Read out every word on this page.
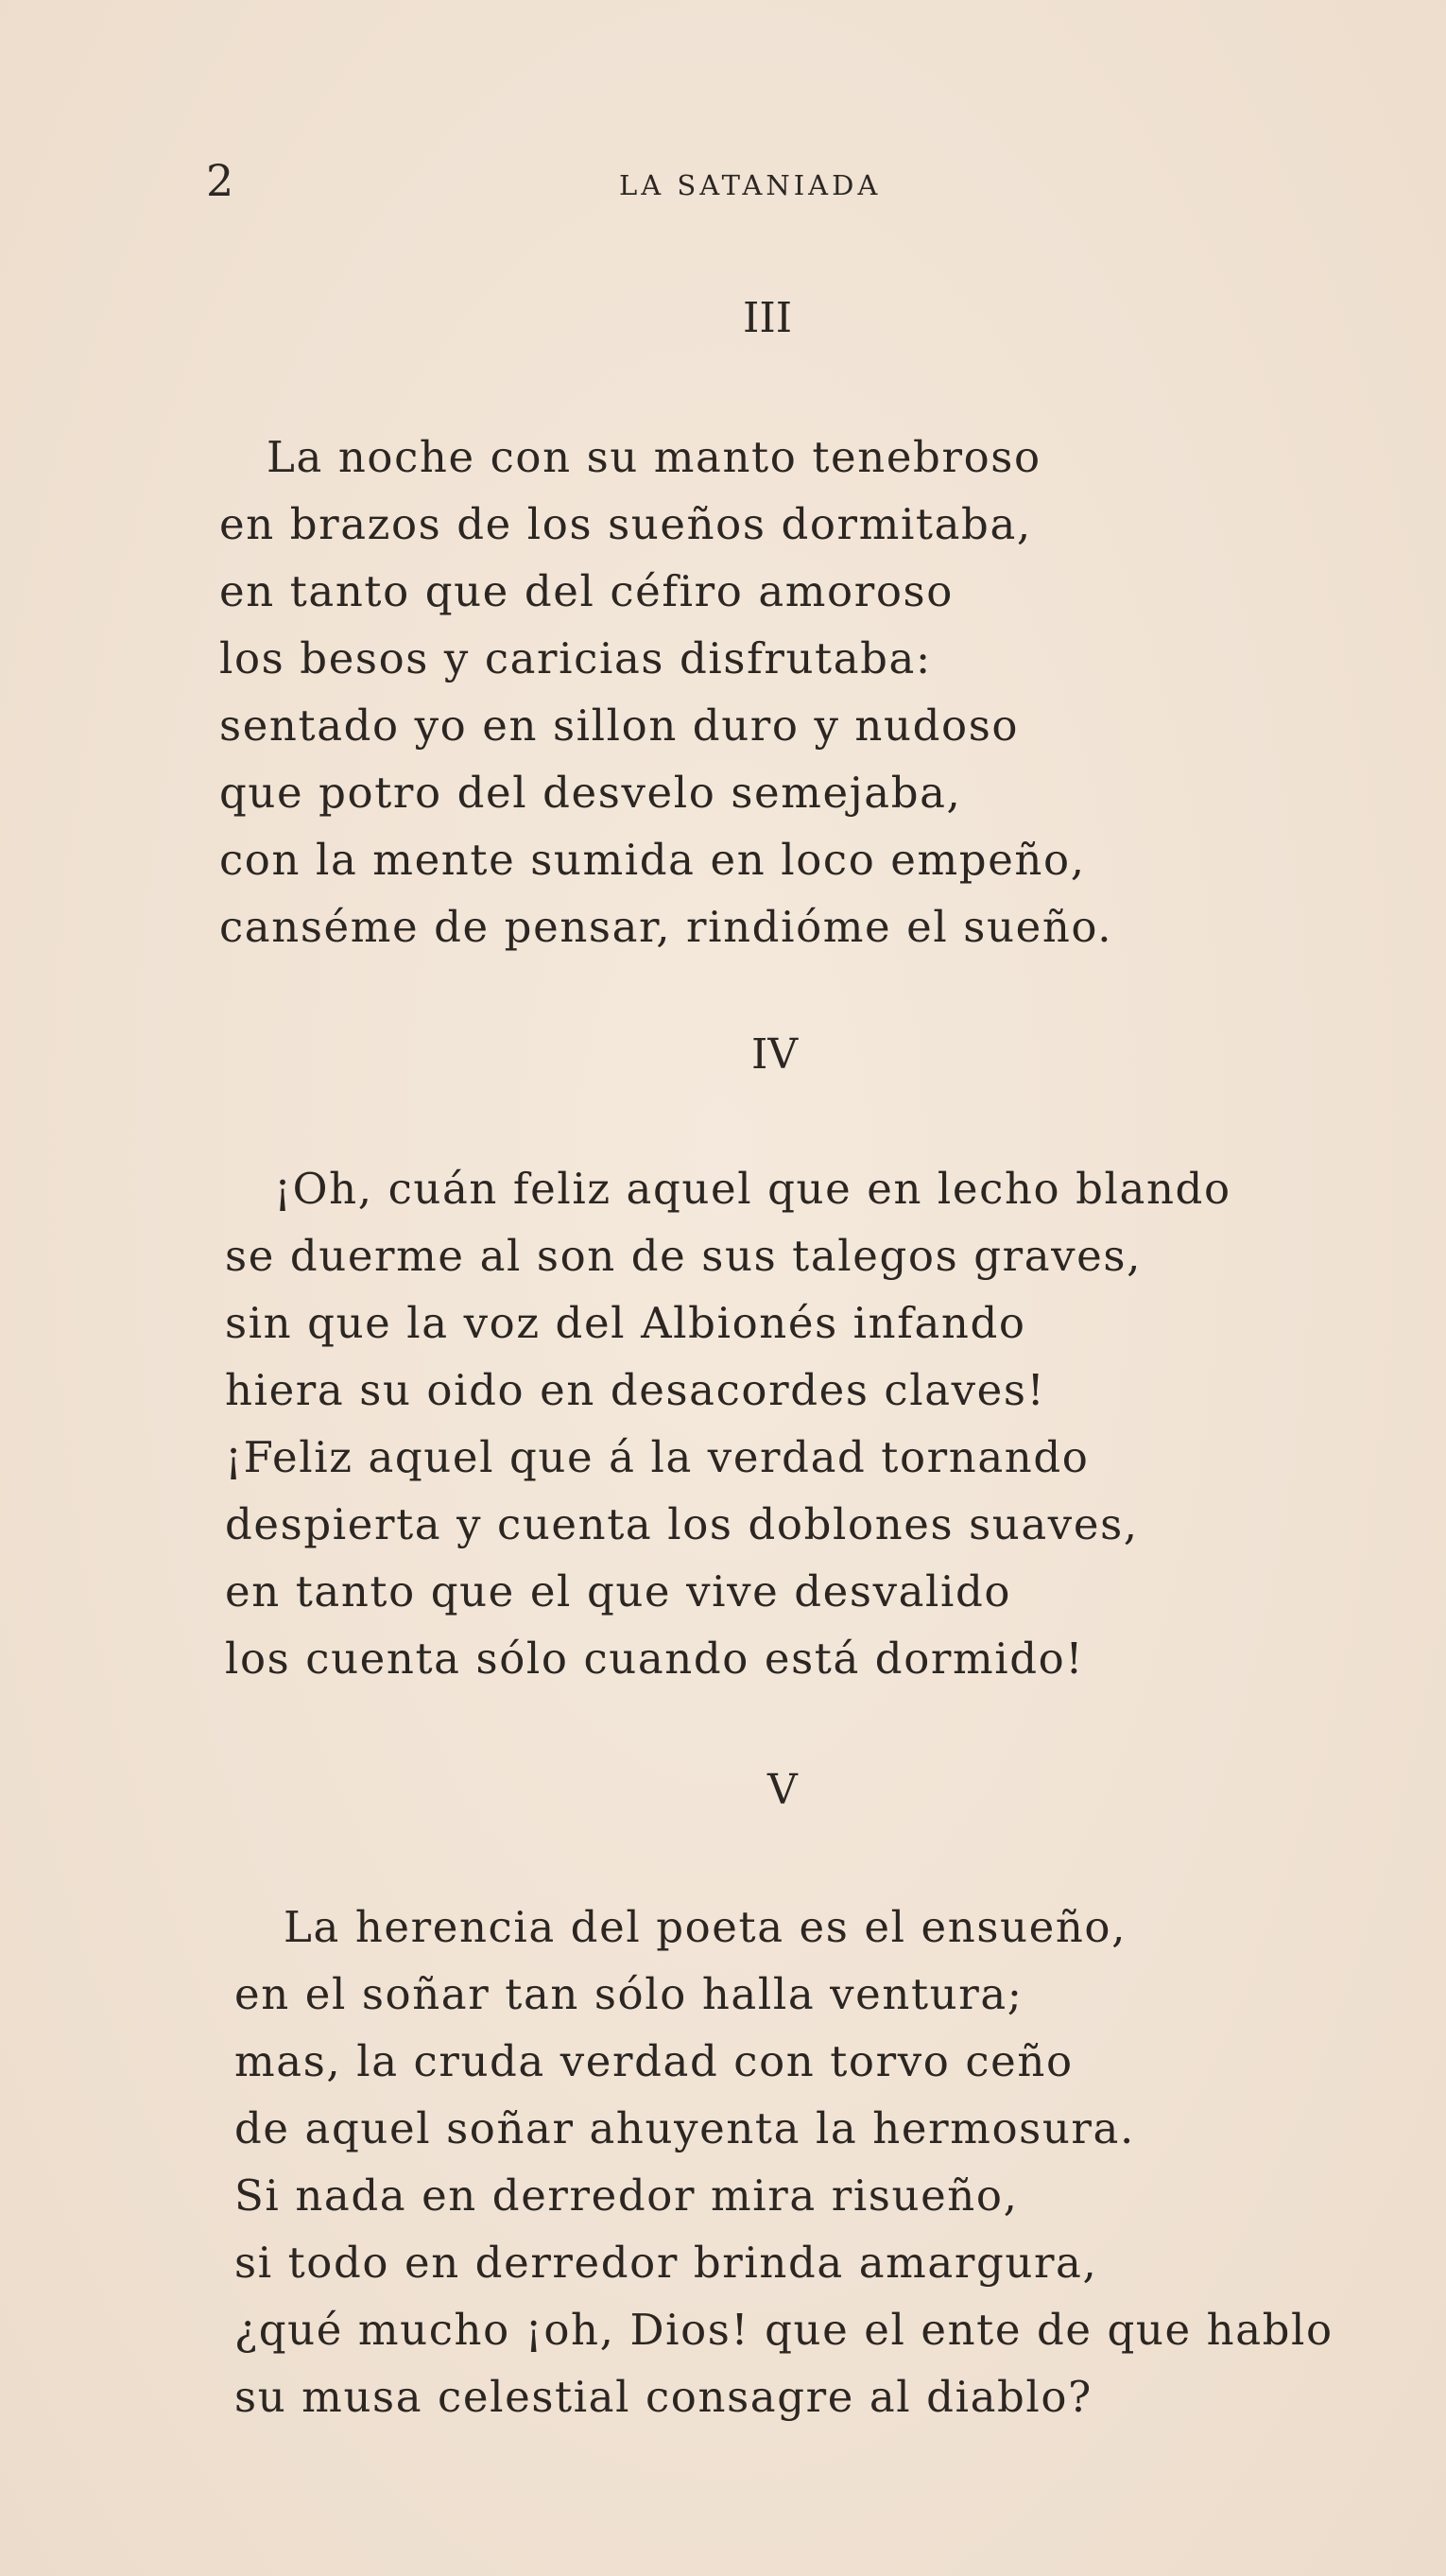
2	LA SATANIADA
III
La noche con su manto tenebroso
en brazos de los sueños dormitaba,
en tanto que del céfiro amoroso
los besos y caricias disfrutaba:
sentado yo en sillon duro y nudoso
que potro del desvelo semejaba,
con la mente sumida en loco empeño,
canséme de pensar, rindióme el sueño.
IV
¡Oh, cuán feliz aquel que en lecho blando
se duerme al son de sus talegos graves,
sin que la voz del Albionés infando
hiera su oido en desacordes claves!
¡Feliz aquel que á la verdad tornando
despierta y cuenta los doblones suaves,
en tanto que el que vive desvalido
los cuenta sólo cuando está dormido!
V
La herencia del poeta es el ensueño,
en el soñar tan sólo halla ventura;
mas, la cruda verdad con torvo ceño
de aquel soñar ahuyenta la hermosura.
Si nada en derredor mira risueño,
si todo en derredor brinda amargura,
¿qué mucho ¡oh, Dios! que el ente de que hablo
su musa celestial consagre al diablo?
